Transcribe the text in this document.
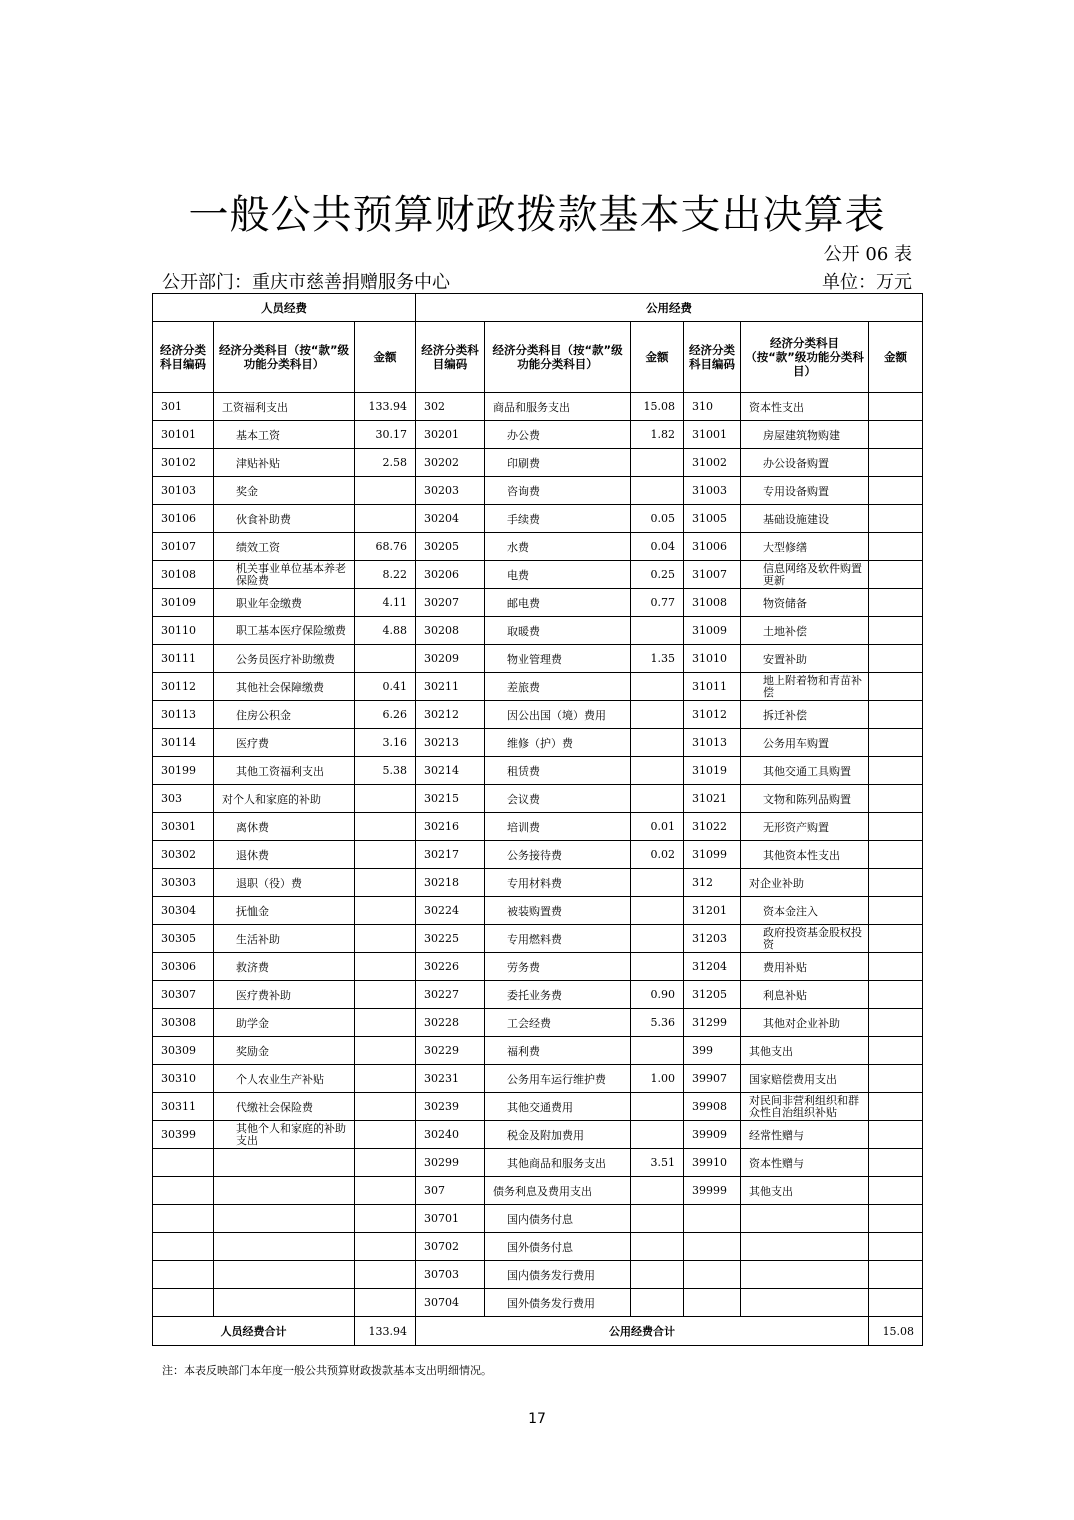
一般公共预算财政拨款基本支出决算表
公开 06 表
公开部门：重庆市慈善捐赠服务中心	单位：万元
人员经费			公用经费					
经济分类科目编码	经济分类科目（按“款”级功能分类科目）	金额	经济分类科目编码	经济分类科目（按“款”级功能分类科目）	金额	经济分类科目编码	经济分类科目（按“款”级功能分类科目）	金额
301	工资福利支出	133.94	302	商品和服务支出	15.08	310	资本性支出	
30101	基本工资	30.17	30201	办公费	1.82	31001	房屋建筑物购建	
30102	津贴补贴	2.58	30202	印刷费		31002	办公设备购置	
30103	奖金		30203	咨询费		31003	专用设备购置	
30106	伙食补助费		30204	手续费	0.05	31005	基础设施建设	
30107	绩效工资	68.76	30205	水费	0.04	31006	大型修缮	
30108	机关事业单位基本养老保险费	8.22	30206	电费	0.25	31007	信息网络及软件购置更新	
30109	职业年金缴费	4.11	30207	邮电费	0.77	31008	物资储备	
30110	职工基本医疗保险缴费	4.88	30208	取暖费		31009	土地补偿	
30111	公务员医疗补助缴费		30209	物业管理费	1.35	31010	安置补助	
30112	其他社会保障缴费	0.41	30211	差旅费		31011	地上附着物和青苗补偿	
30113	住房公积金	6.26	30212	因公出国（境）费用		31012	拆迁补偿	
30114	医疗费	3.16	30213	维修（护）费		31013	公务用车购置	
30199	其他工资福利支出	5.38	30214	租赁费		31019	其他交通工具购置	
303	对个人和家庭的补助		30215	会议费		31021	文物和陈列品购置	
30301	离休费		30216	培训费	0.01	31022	无形资产购置	
30302	退休费		30217	公务接待费	0.02	31099	其他资本性支出	
30303	退职（役）费		30218	专用材料费		312	对企业补助	
30304	抚恤金		30224	被装购置费		31201	资本金注入	
30305	生活补助		30225	专用燃料费		31203	政府投资基金股权投资	
30306	救济费		30226	劳务费		31204	费用补贴	
30307	医疗费补助		30227	委托业务费	0.90	31205	利息补贴	
30308	助学金		30228	工会经费	5.36	31299	其他对企业补助	
30309	奖励金		30229	福利费		399	其他支出	
30310	个人农业生产补贴		30231	公务用车运行维护费	1.00	39907	国家赔偿费用支出	
30311	代缴社会保险费		30239	其他交通费用		39908	对民间非营利组织和群众性自治组织补贴	
30399	其他个人和家庭的补助支出		30240	税金及附加费用		39909	经常性赠与	
			30299	其他商品和服务支出	3.51	39910	资本性赠与	
			307	债务利息及费用支出		39999	其他支出	
			30701	国内债务付息				
			30702	国外债务付息				
			30703	国内债务发行费用				
			30704	国外债务发行费用				
人员经费合计		133.94	公用经费合计					15.08
注：本表反映部门本年度一般公共预算财政拨款基本支出明细情况。
17
